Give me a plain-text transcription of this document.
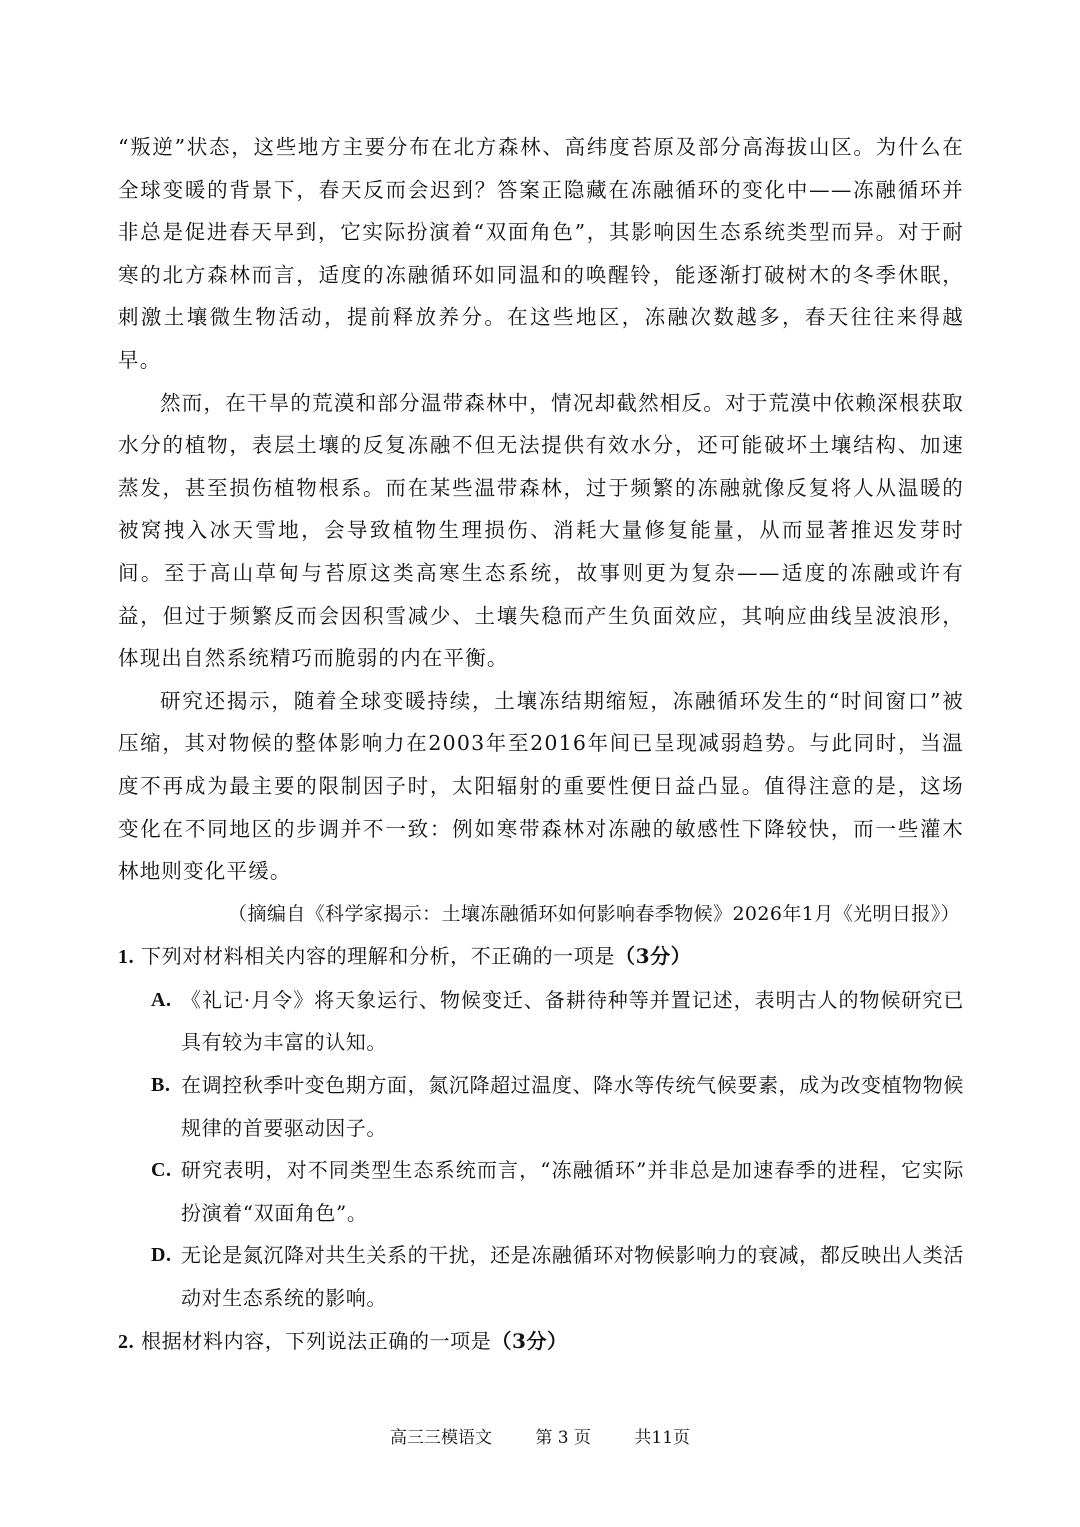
“叛逆”状态，这些地方主要分布在北方森林、高纬度苔原及部分高海拔山区。为什么在全球变暖的背景下，春天反而会迟到？答案正隐藏在冻融循环的变化中——冻融循环并非总是促进春天早到，它实际扮演着“双面角色”，其影响因生态系统类型而异。对于耐寒的北方森林而言，适度的冻融循环如同温和的唤醒铃，能逐渐打破树木的冬季休眠，刺激土壤微生物活动，提前释放养分。在这些地区，冻融次数越多，春天往往来得越早。

然而，在干旱的荒漠和部分温带森林中，情况却截然相反。对于荒漠中依赖深根获取水分的植物，表层土壤的反复冻融不但无法提供有效水分，还可能破坏土壤结构、加速蒸发，甚至损伤植物根系。而在某些温带森林，过于频繁的冻融就像反复将人从温暖的被窝拽入冰天雪地，会导致植物生理损伤、消耗大量修复能量，从而显著推迟发芽时间。至于高山草甸与苔原这类高寒生态系统，故事则更为复杂——适度的冻融或许有益，但过于频繁反而会因积雪减少、土壤失稳而产生负面效应，其响应曲线呈波浪形，体现出自然系统精巧而脆弱的内在平衡。

研究还揭示，随着全球变暖持续，土壤冻结期缩短，冻融循环发生的“时间窗口”被压缩，其对物候的整体影响力在2003年至2016年间已呈现减弱趋势。与此同时，当温度不再成为最主要的限制因子时，太阳辐射的重要性便日益凸显。值得注意的是，这场变化在不同地区的步调并不一致：例如寒带森林对冻融的敏感性下降较快，而一些灌木林地则变化平缓。

（摘编自《科学家揭示：土壤冻融循环如何影响春季物候》2026年1月《光明日报》）

1. 下列对材料相关内容的理解和分析，不正确的一项是（3分）

A. 《礼记·月令》将天象运行、物候变迁、备耕待种等并置记述，表明古人的物候研究已具有较为丰富的认知。
B. 在调控秋季叶变色期方面，氮沉降超过温度、降水等传统气候要素，成为改变植物物候规律的首要驱动因子。
C. 研究表明，对不同类型生态系统而言，“冻融循环”并非总是加速春季的进程，它实际扮演着“双面角色”。
D. 无论是氮沉降对共生关系的干扰，还是冻融循环对物候影响力的衰减，都反映出人类活动对生态系统的影响。

2. 根据材料内容，下列说法正确的一项是（3分）

高三三模语文	第 3 页	共11页
